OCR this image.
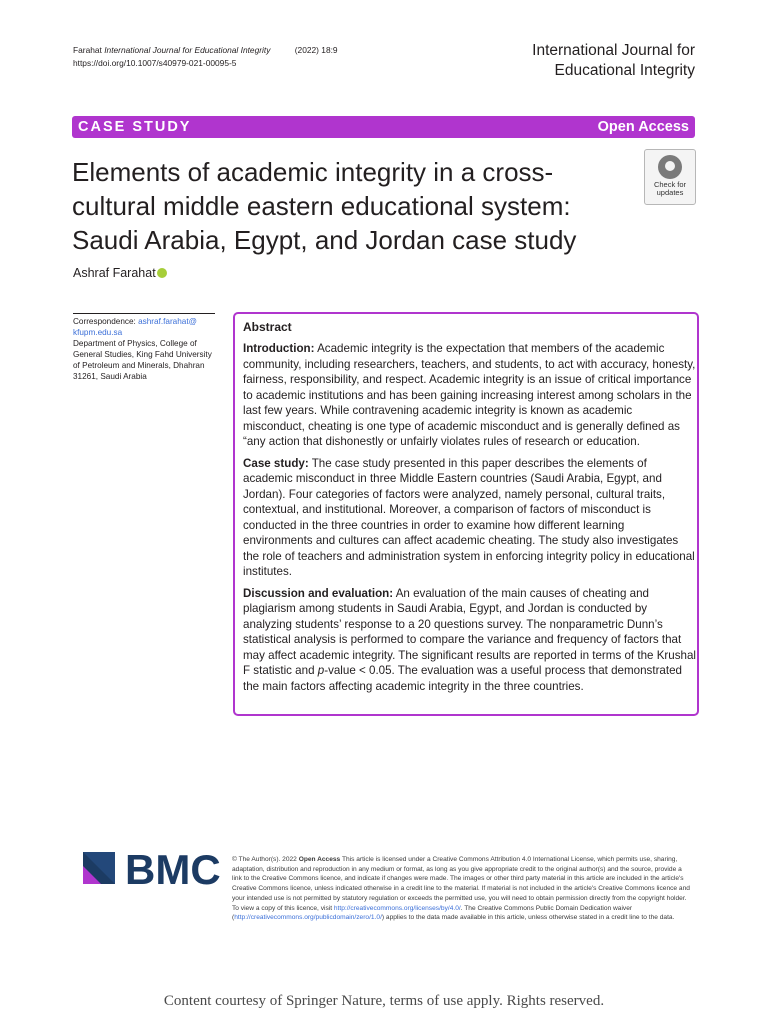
Farahat International Journal for Educational Integrity	(2022) 18:9
https://doi.org/10.1007/s40979-021-00095-5
International Journal for
Educational Integrity
CASE STUDY	Open Access
Elements of academic integrity in a cross-cultural middle eastern educational system: Saudi Arabia, Egypt, and Jordan case study
Check for
updates
Ashraf Farahat
Correspondence: ashraf.farahat@
kfupm.edu.sa
Department of Physics, College of General Studies, King Fahd University of Petroleum and Minerals, Dhahran 31261, Saudi Arabia
Abstract

Introduction: Academic integrity is the expectation that members of the academic community, including researchers, teachers, and students, to act with accuracy, honesty, fairness, responsibility, and respect. Academic integrity is an issue of critical importance to academic institutions and has been gaining increasing interest among scholars in the last few years. While contravening academic integrity is known as academic misconduct, cheating is one type of academic misconduct and is generally defined as “any action that dishonestly or unfairly violates rules of research or education.

Case study: The case study presented in this paper describes the elements of academic misconduct in three Middle Eastern countries (Saudi Arabia, Egypt, and Jordan). Four categories of factors were analyzed, namely personal, cultural traits, contextual, and institutional. Moreover, a comparison of factors of misconduct is conducted in the three countries in order to examine how different learning environments and cultures can affect academic cheating. The study also investigates the role of teachers and administration system in enforcing integrity policy in educational institutes.

Discussion and evaluation: An evaluation of the main causes of cheating and plagiarism among students in Saudi Arabia, Egypt, and Jordan is conducted by analyzing students’ response to a 20 questions survey. The nonparametric Dunn’s statistical analysis is performed to compare the variance and frequency of factors that may affect academic integrity. The significant results are reported in terms of the Krushal F statistic and p-value < 0.05. The evaluation was a useful process that demonstrated the main factors affecting academic integrity in the three countries.

BMC © The Author(s). 2022 Open Access This article is licensed under a Creative Commons Attribution 4.0 International License, which permits use, sharing, adaptation, distribution and reproduction in any medium or format, as long as you give appropriate credit to the original author(s) and the source, provide a link to the Creative Commons licence, and indicate if changes were made. The images or other third party material in this article are included in the article's Creative Commons licence, unless indicated otherwise in a credit line to the material. If material is not included in the article's Creative Commons licence and your intended use is not permitted by statutory regulation or exceeds the permitted use, you will need to obtain permission directly from the copyright holder. To view a copy of this licence, visit http://creativecommons.org/licenses/by/4.0/. The Creative Commons Public Domain Dedication waiver (http://creativecommons.org/publicdomain/zero/1.0/) applies to the data made available in this article, unless otherwise stated in a credit line to the data.
Content courtesy of Springer Nature, terms of use apply. Rights reserved.
